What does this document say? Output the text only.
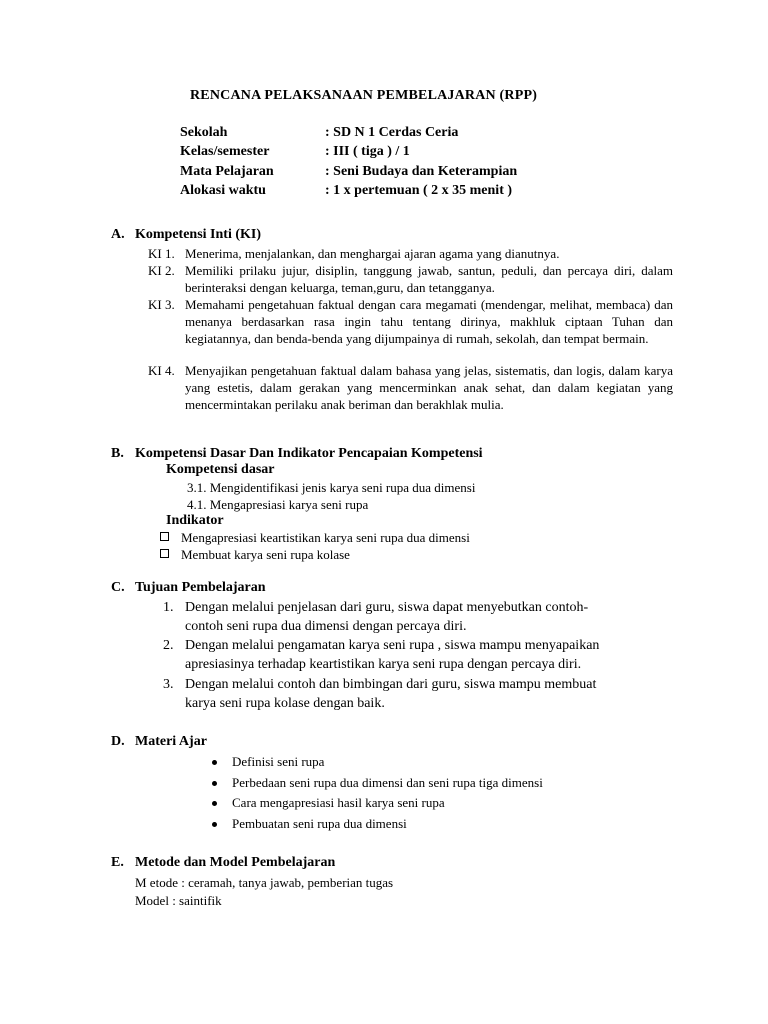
RENCANA PELAKSANAAN PEMBELAJARAN (RPP)
Sekolah	: SD N 1 Cerdas Ceria
Kelas/semester	: III ( tiga ) / 1
Mata Pelajaran	: Seni Budaya dan Keterampian
Alokasi waktu	: 1 x pertemuan ( 2 x 35 menit )
A. Kompetensi Inti (KI)
KI 1. Menerima, menjalankan, dan menghargai ajaran agama yang dianutnya.
KI 2. Memiliki prilaku jujur, disiplin, tanggung jawab, santun, peduli, dan percaya diri, dalam berinteraksi dengan keluarga, teman,guru, dan tetangganya.
KI 3. Memahami pengetahuan faktual dengan cara megamati (mendengar, melihat, membaca) dan menanya berdasarkan rasa ingin tahu tentang dirinya, makhluk ciptaan Tuhan dan kegiatannya, dan benda-benda yang dijumpainya di rumah, sekolah, dan tempat bermain.
KI 4. Menyajikan pengetahuan faktual dalam bahasa yang jelas, sistematis, dan logis, dalam karya yang estetis, dalam gerakan yang mencerminkan anak sehat, dan dalam kegiatan yang mencermintakan perilaku anak beriman dan berakhlak mulia.
B. Kompetensi Dasar Dan Indikator Pencapaian Kompetensi
Kompetensi dasar
3.1. Mengidentifikasi jenis karya seni rupa dua dimensi
4.1. Mengapresiasi karya seni rupa
Indikator
Mengapresiasi keartistikan karya seni rupa dua dimensi
Membuat karya seni rupa kolase
C. Tujuan Pembelajaran
1. Dengan melalui penjelasan dari guru, siswa dapat menyebutkan contoh-
contoh seni rupa dua dimensi dengan percaya diri.
2. Dengan melalui pengamatan karya seni rupa , siswa mampu menyapaikan
apresiasinya terhadap keartistikan karya seni rupa dengan percaya diri.
3. Dengan melalui contoh dan bimbingan dari guru, siswa mampu membuat
karya seni rupa kolase dengan baik.
D. Materi Ajar
Definisi seni rupa
Perbedaan seni rupa dua dimensi dan seni rupa tiga dimensi
Cara mengapresiasi hasil karya seni rupa
Pembuatan seni rupa dua dimensi
E. Metode dan Model Pembelajaran
M etode : ceramah, tanya jawab, pemberian tugas
Model : saintifik
